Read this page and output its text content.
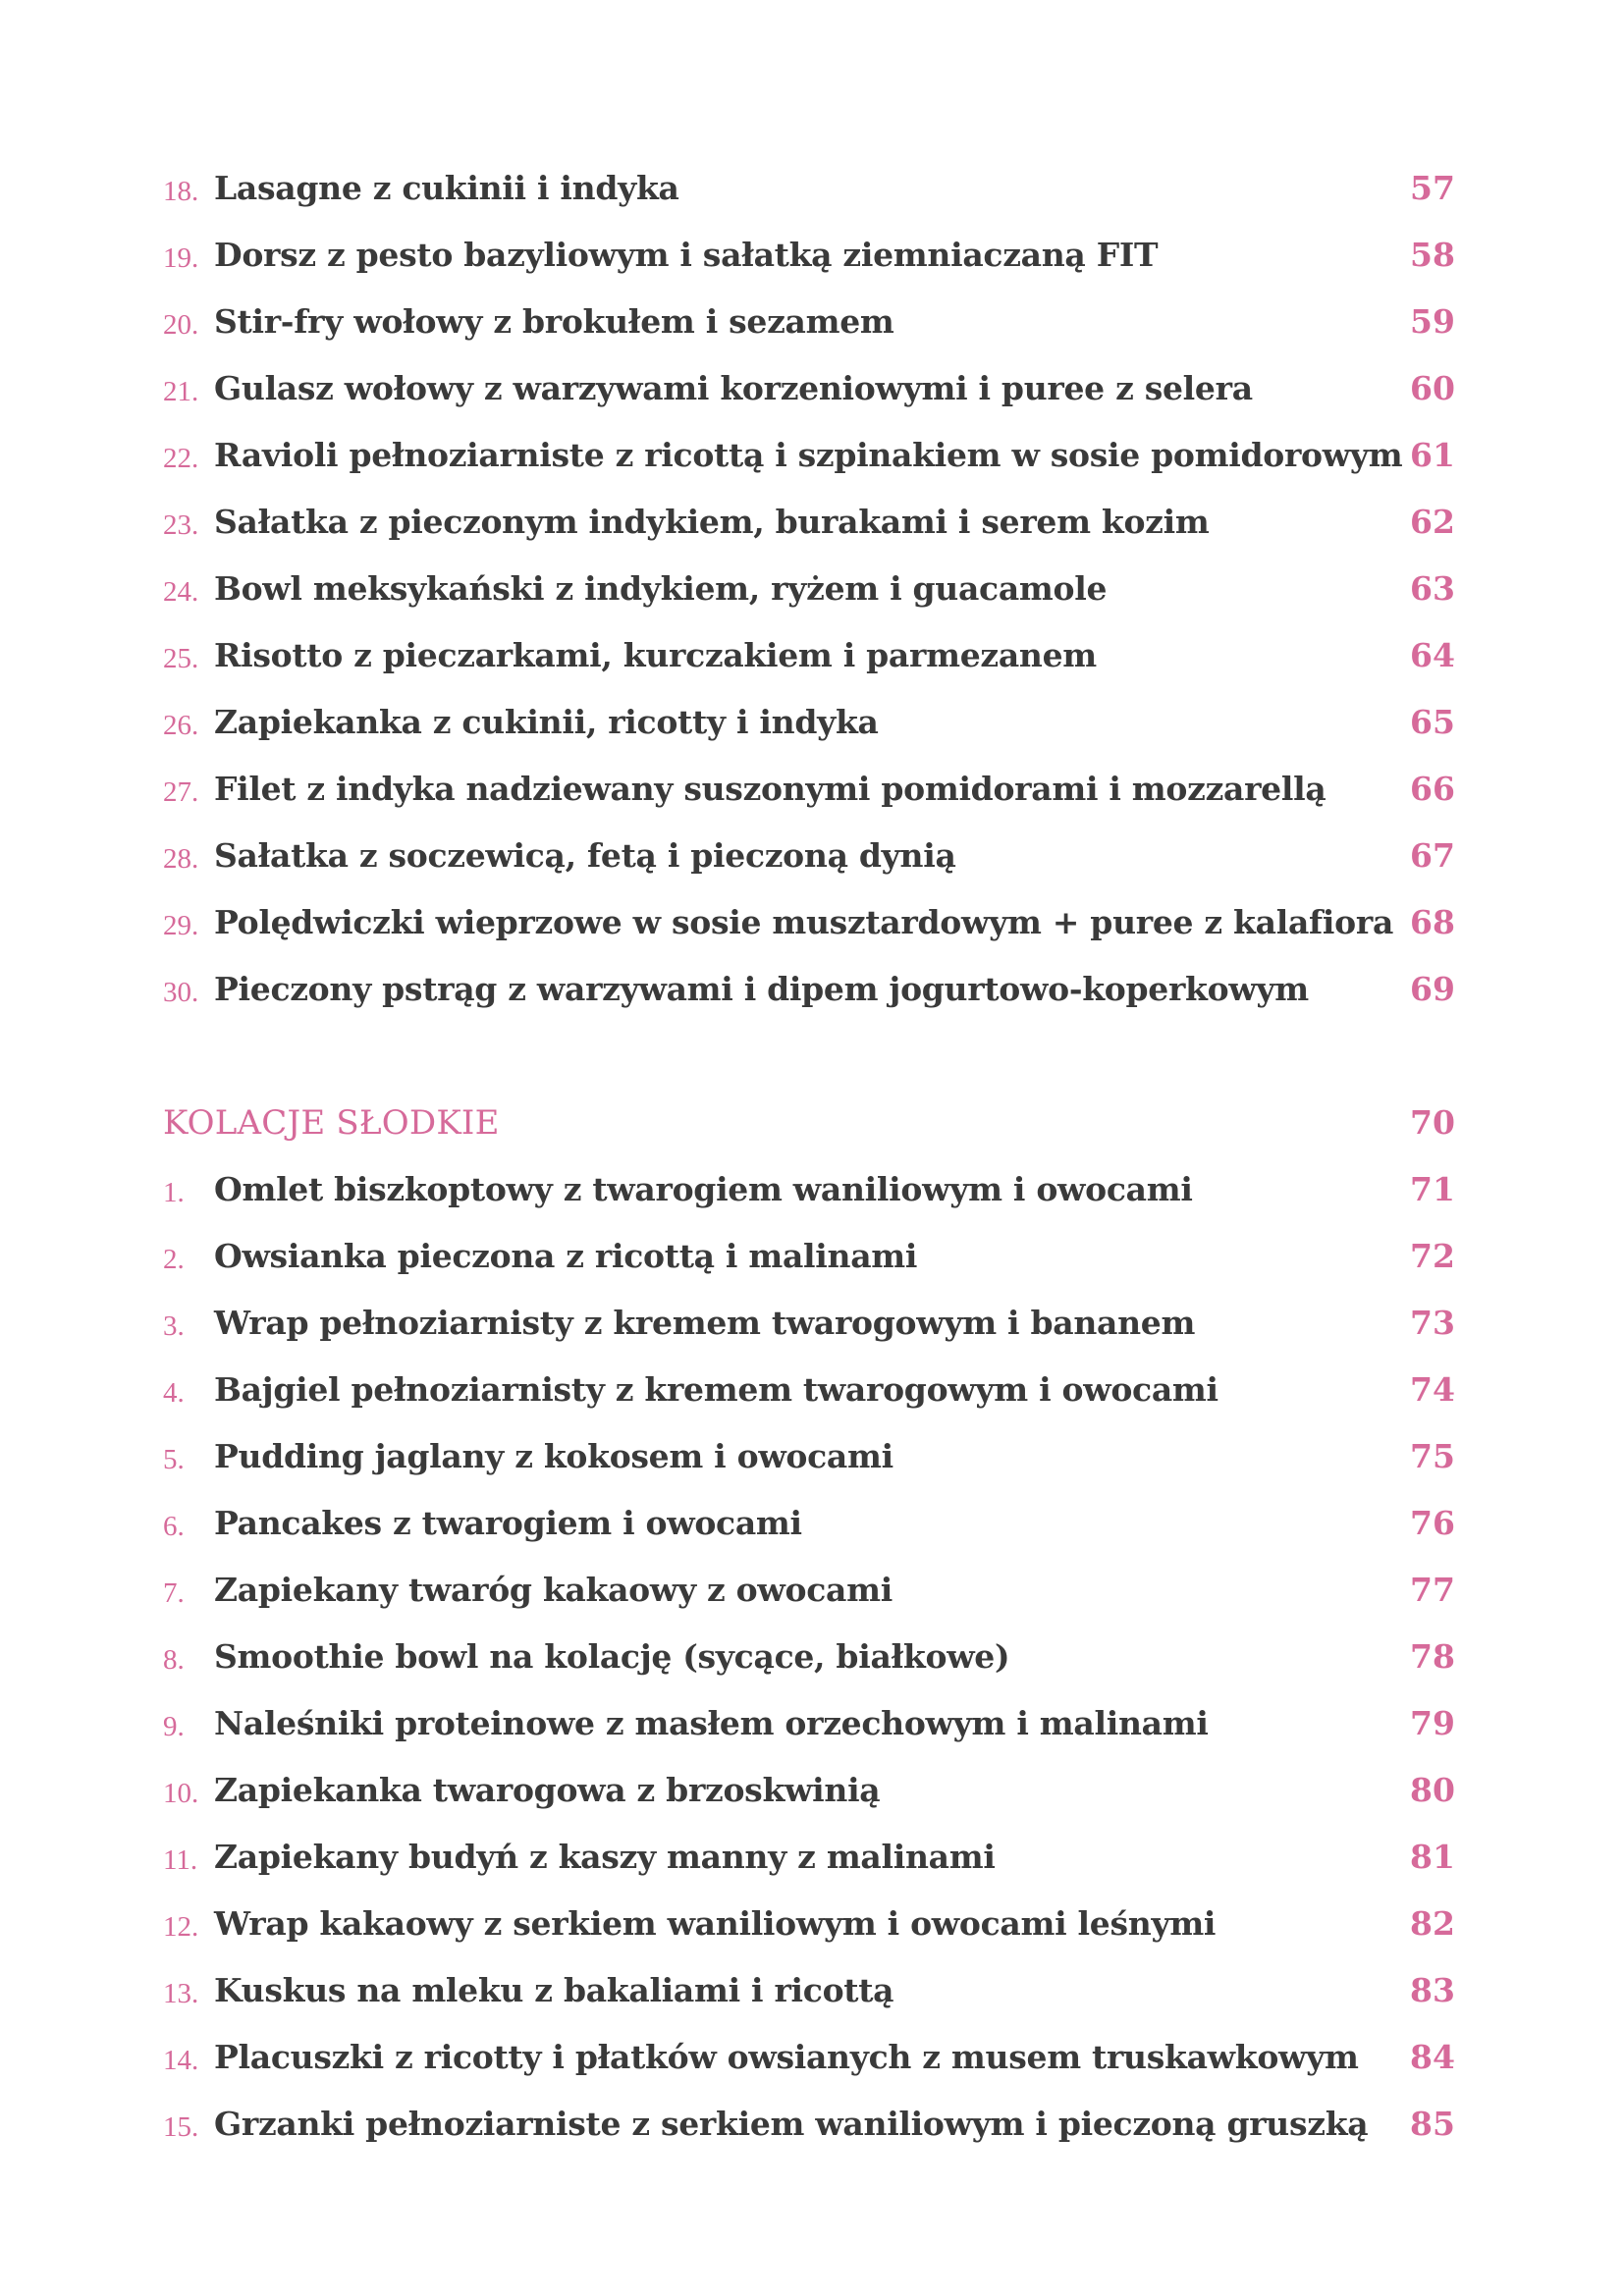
18. Lasagne z cukinii i indyka	57
19. Dorsz z pesto bazyliowym i sałatką ziemniaczaną FIT	58
20. Stir-fry wołowy z brokułem i sezamem	59
21. Gulasz wołowy z warzywami korzeniowymi i puree z selera	60
22. Ravioli pełnoziarniste z ricottą i szpinakiem w sosie pomidorowym 61
23. Sałatka z pieczonym indykiem, burakami i serem kozim	62
24. Bowl meksykański z indykiem, ryżem i guacamole	63
25. Risotto z pieczarkami, kurczakiem i parmezanem	64
26. Zapiekanka z cukinii, ricotty i indyka	65
27. Filet z indyka nadziewany suszonymi pomidorami i mozzarellą	66
28. Sałatka z soczewicą, fetą i pieczoną dynią	67
29. Polędwiczki wieprzowe w sosie musztardowym + puree z kalafiora 68
30. Pieczony pstrąg z warzywami i dipem jogurtowo-koperkowym	69
KOLACJE SŁODKIE	70
1. Omlet biszkoptowy z twarogiem waniliowym i owocami	71
2. Owsianka pieczona z ricottą i malinami	72
3. Wrap pełnoziarnisty z kremem twarogowym i bananem	73
4. Bajgiel pełnoziarnisty z kremem twarogowym i owocami	74
5. Pudding jaglany z kokosem i owocami	75
6. Pancakes z twarogiem i owocami	76
7. Zapiekany twaróg kakaowy z owocami	77
8. Smoothie bowl na kolację (sycące, białkowe)	78
9. Naleśniki proteinowe z masłem orzechowym i malinami	79
10. Zapiekanka twarogowa z brzoskwinią	80
11. Zapiekany budyń z kaszy manny z malinami	81
12. Wrap kakaowy z serkiem waniliowym i owocami leśnymi	82
13. Kuskus na mleku z bakaliami i ricottą	83
14. Placuszki z ricotty i płatków owsianych z musem truskawkowym 84
15. Grzanki pełnoziarniste z serkiem waniliowym i pieczoną gruszką 85
